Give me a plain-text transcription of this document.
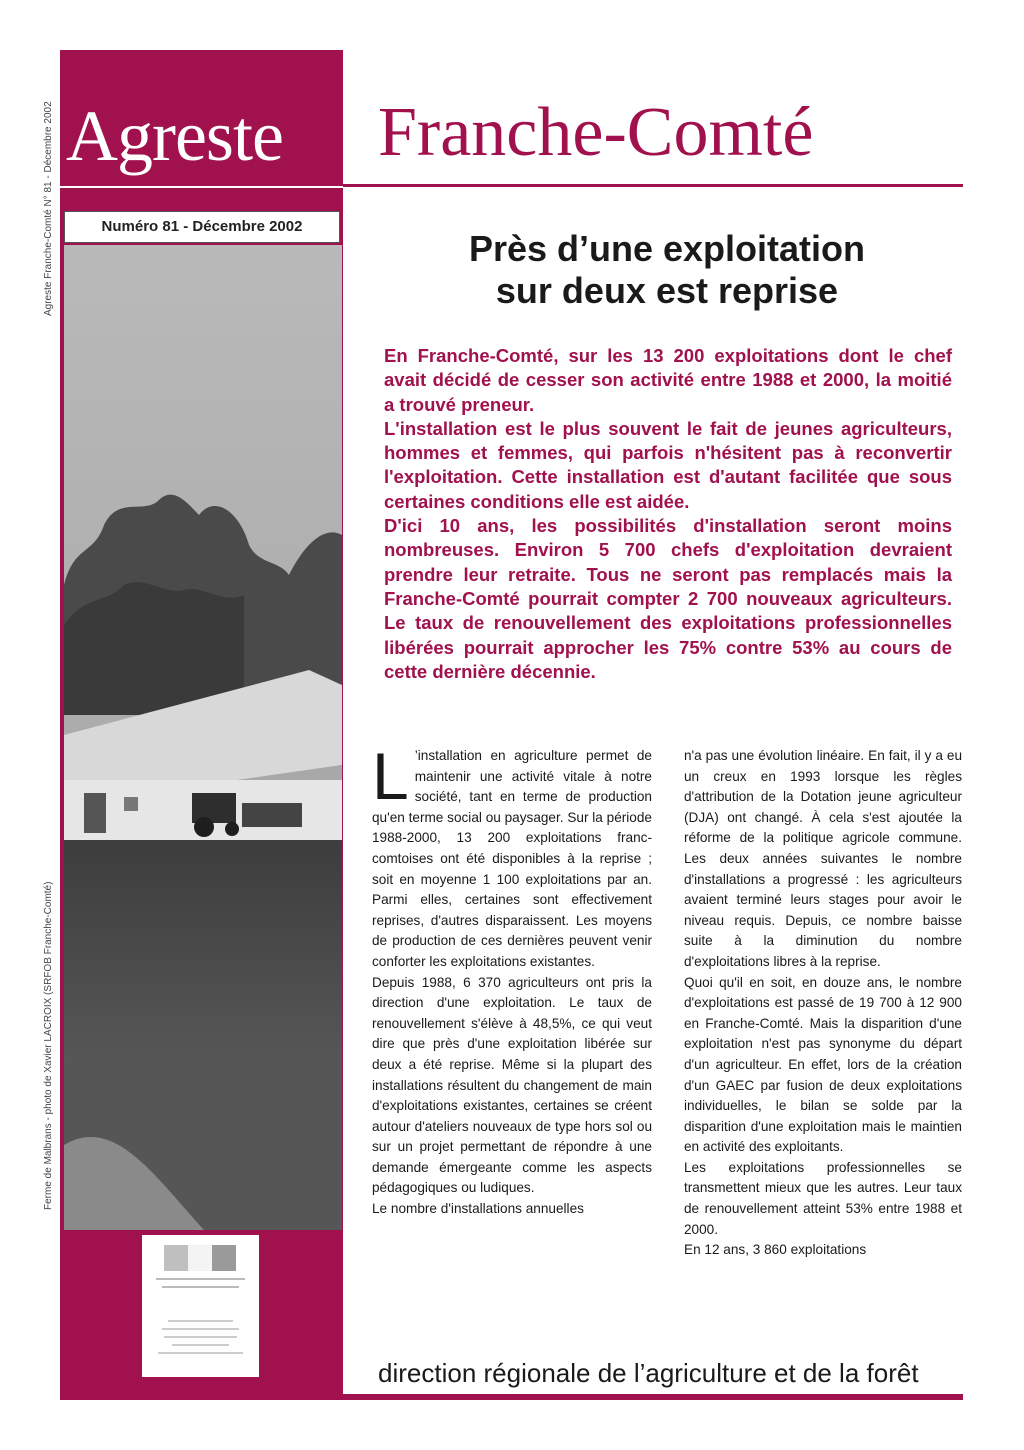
Agreste Franche-Comté N° 81 - Décembre 2002
Ferme de Malbrans - photo de Xavier LACROIX (SRFOB Franche-Comté)
Agreste
Numéro 81 - Décembre 2002
Franche-Comté
Près d’une exploitation
sur deux est reprise

En Franche-Comté, sur les 13 200 exploitations dont le chef avait décidé de cesser son activité entre 1988 et 2000, la moitié a trouvé preneur.

L'installation est le plus souvent le fait de jeunes agriculteurs, hommes et femmes, qui parfois n'hésitent pas à reconvertir l'exploitation. Cette installation est d'autant facilitée que sous certaines conditions elle est aidée.

D'ici 10 ans, les possibilités d'installation seront moins nombreuses. Environ 5 700 chefs d'exploitation devraient prendre leur retraite. Tous ne seront pas remplacés mais la Franche-Comté pourrait compter 2 700 nouveaux agriculteurs. Le taux de renouvellement des exploitations professionnelles libérées pourrait approcher les 75% contre 53% au cours de cette dernière décennie.

L ’installation en agriculture permet de maintenir une activité vitale à notre société, tant en terme de production qu'en terme social ou paysager. Sur la période 1988-2000, 13 200 exploitations franc-comtoises ont été disponibles à la reprise ; soit en moyenne 1 100 exploitations par an. Parmi elles, certaines sont effectivement reprises, d'autres disparaissent. Les moyens de production de ces dernières peuvent venir conforter les exploitations existantes.

Depuis 1988, 6 370 agriculteurs ont pris la direction d'une exploitation. Le taux de renouvellement s'élève à 48,5%, ce qui veut dire que près d'une exploitation libérée sur deux a été reprise. Même si la plupart des installations résultent du changement de main d'exploitations existantes, certaines se créent autour d'ateliers nouveaux de type hors sol ou sur un projet permettant de répondre à une demande émergeante comme les aspects pédagogiques ou ludiques.

Le nombre d'installations annuelles

n'a pas une évolution linéaire. En fait, il y a eu un creux en 1993 lorsque les règles d'attribution de la Dotation jeune agriculteur (DJA) ont changé. À cela s'est ajoutée la réforme de la politique agricole commune. Les deux années suivantes le nombre d'installations a progressé : les agriculteurs avaient terminé leurs stages pour avoir le niveau requis. Depuis, ce nombre baisse suite à la diminution du nombre d'exploitations libres à la reprise.

Quoi qu'il en soit, en douze ans, le nombre d'exploitations est passé de 19 700 à 12 900 en Franche-Comté. Mais la disparition d'une exploitation n'est pas synonyme du départ d'un agriculteur. En effet, lors de la création d'un GAEC par fusion de deux exploitations individuelles, le bilan se solde par la disparition d'une exploitation mais le maintien en activité des exploitants.

Les exploitations professionnelles se transmettent mieux que les autres. Leur taux de renouvellement atteint 53% entre 1988 et 2000.

En 12 ans, 3 860 exploitations

direction régionale de l’agriculture et de la forêt
